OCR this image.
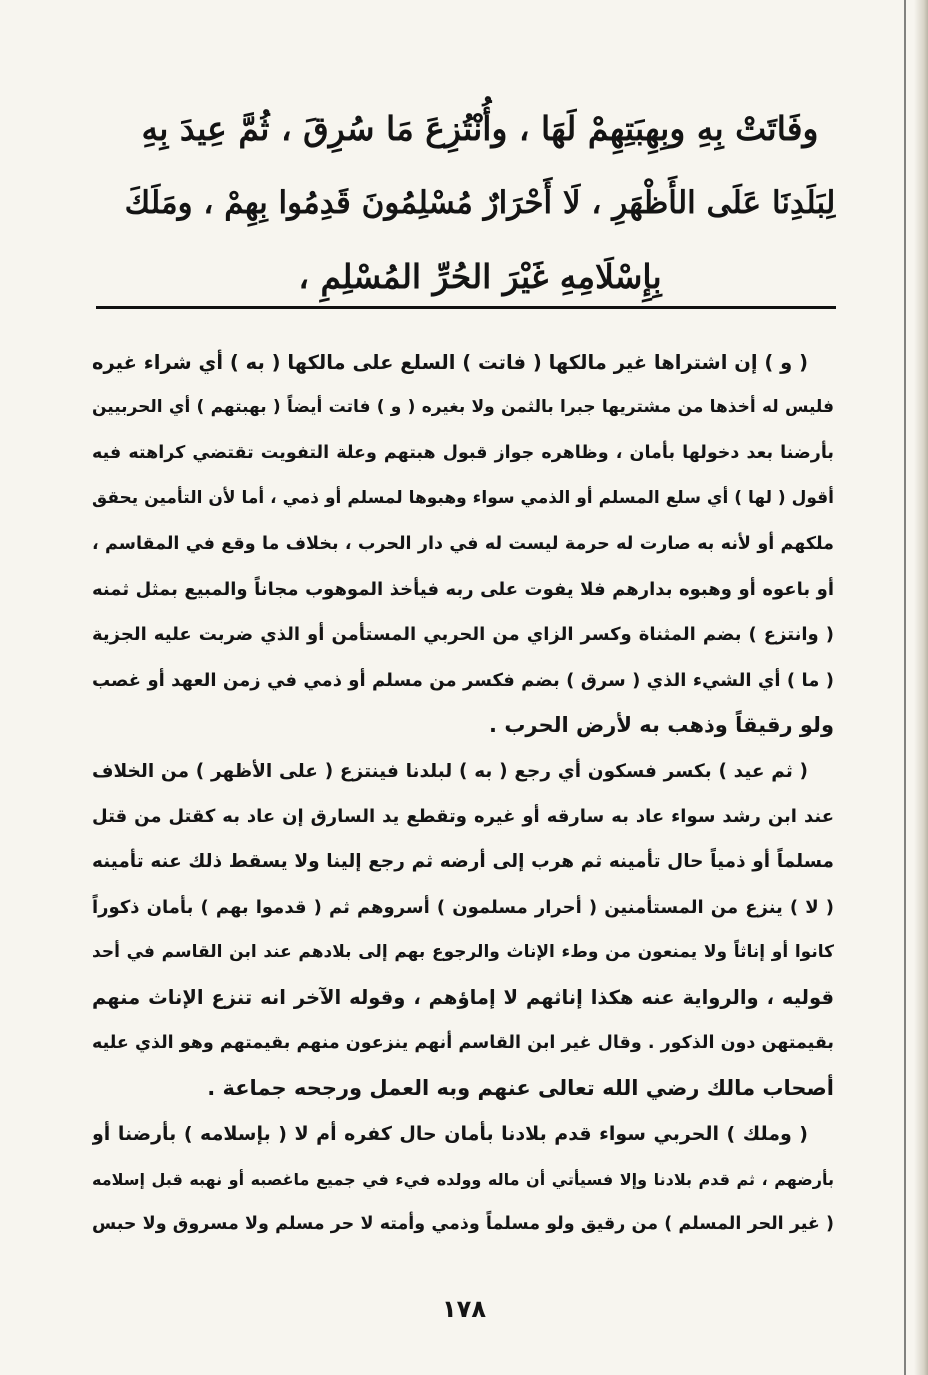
وفَاتَتْ بِهِ وبِهِبَتِهِمْ لَهَا ، وأُنْتُزِعَ مَا سُرِقَ ، ثُمَّ عِيدَ بِهِ
لِبَلَدِنَا عَلَى الأَظْهَرِ ، لَا أَحْرَارٌ مُسْلِمُونَ قَدِمُوا بِهِمْ ، ومَلَكَ
بِإِسْلَامِهِ غَيْرَ الحُرِّ المُسْلِمِ ،
( و ) إن اشتراها غير مالكها ( فاتت ) السلع على مالكها ( به ) أي شراء غيره
فليس له أخذها من مشتريها جبرا بالثمن ولا بغيره ( و ) فاتت أيضاً ( بهبتهم ) أي الحربيين
بأرضنا بعد دخولها بأمان ، وظاهره جواز قبول هبتهم وعلة التفويت تقتضي كراهته فيه
أقول ( لها ) أي سلع المسلم أو الذمي سواء وهبوها لمسلم أو ذمي ، أما لأن التأمين يحقق
ملكهم أو لأنه به صارت له حرمة ليست له في دار الحرب ، بخلاف ما وقع في المقاسم ،
أو باعوه أو وهبوه بدارهم فلا يفوت على ربه فيأخذ الموهوب مجاناً والمبيع بمثل ثمنه
( وانتزع ) بضم المثناة وكسر الزاي من الحربي المستأمن أو الذي ضربت عليه الجزية
( ما ) أي الشيء الذي ( سرق ) بضم فكسر من مسلم أو ذمي في زمن العهد أو غصب
ولو رقيقاً وذهب به لأرض الحرب .
( ثم عيد ) بكسر فسكون أي رجع ( به ) لبلدنا فينتزع ( على الأظهر ) من الخلاف
عند ابن رشد سواء عاد به سارقه أو غيره وتقطع يد السارق إن عاد به كقتل من قتل
مسلماً أو ذمياً حال تأمينه ثم هرب إلى أرضه ثم رجع إلينا ولا يسقط ذلك عنه تأمينه
( لا ) ينزع من المستأمنين ( أحرار مسلمون ) أسروهم ثم ( قدموا بهم ) بأمان ذكوراً
كانوا أو إناثاً ولا يمنعون من وطء الإناث والرجوع بهم إلى بلادهم عند ابن القاسم في أحد
قوليه ، والرواية عنه هكذا إناثهم لا إماؤهم ، وقوله الآخر انه تنزع الإناث منهم
بقيمتهن دون الذكور . وقال غير ابن القاسم أنهم ينزعون منهم بقيمتهم وهو الذي عليه
أصحاب مالك رضي الله تعالى عنهم وبه العمل ورجحه جماعة .
( وملك ) الحربي سواء قدم بلادنا بأمان حال كفره أم لا ( بإسلامه ) بأرضنا أو
بأرضهم ، ثم قدم بلادنا وإلا فسيأتي أن ماله وولده فيء في جميع ماغصبه أو نهبه قبل إسلامه
( غير الحر المسلم ) من رقيق ولو مسلماً وذمي وأمته لا حر مسلم ولا مسروق ولا حبس
١٧٨
